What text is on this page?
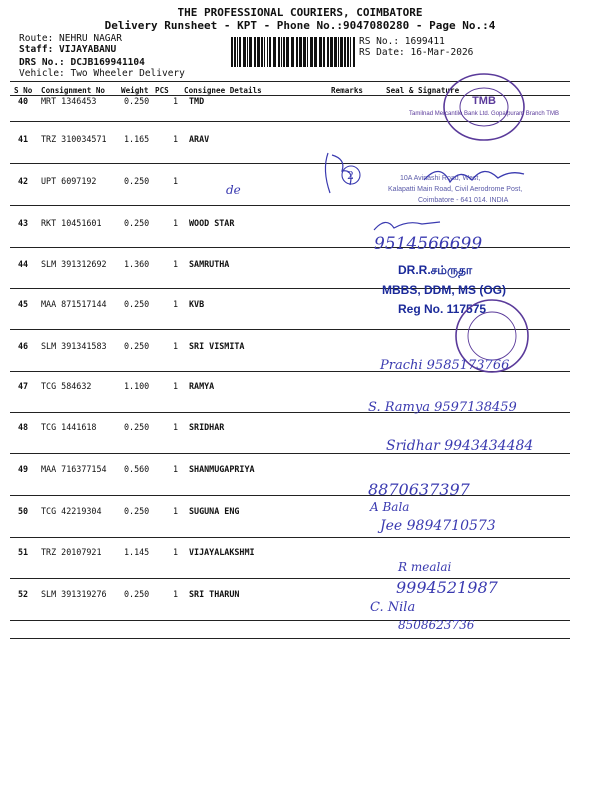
THE PROFESSIONAL COURIERS, COIMBATORE
Delivery Runsheet - KPT - Phone No.:9047080280 - Page No.:4
Route: NEHRU NAGAR
Staff: VIJAYABANU
DRS No.: DCJB169941104
Vehicle: Two Wheeler Delivery
RS No.: 1699411
RS Date: 16-Mar-2026
S No Consignment No Weight PCS Consignee Details	Remarks	Seal & Signature
40 MRT 1346453	0.250	1 TMD
41 TRZ 310034571 1.165	1 ARAV
42 UPT 6097192	0.250	1
43 RKT 10451601	0.250	1 WOOD STAR
44 SLM 391312692 1.360	1 SAMRUTHA
45 MAA 871517144 0.250	1 KVB
46 SLM 391341583 0.250	1 SRI VISMITA
47 TCG 584632	1.100	1 RAMYA
48 TCG 1441618	0.250	1 SRIDHAR
49 MAA 716377154 0.560	1 SHANMUGAPRIYA
50 TCG 42219304	0.250	1 SUGUNA ENG
51 TRZ 20107921	1.145	1 VIJAYALAKSHMI
52 SLM 391319276 0.250	1 SRI THARUN
TMB
Tamilnad Mercantile Bank Ltd. Gopalpuram Branch TMB
10A Avinashi Road, West,
Kalapatti Main Road, Civil Aerodrome Post,
Coimbatore - 641 014. INDIA
DR.R.சம்ருதா
MBBS, DDM, MS (OG)
Reg No. 117575
2
de
9514566699
Prachi 9585173766
S. Ramya 9597138459
Sridhar 9943434484
8870637397
A Bala
Jee 9894710573
R mealai
9994521987
C. Nila
8508623736
